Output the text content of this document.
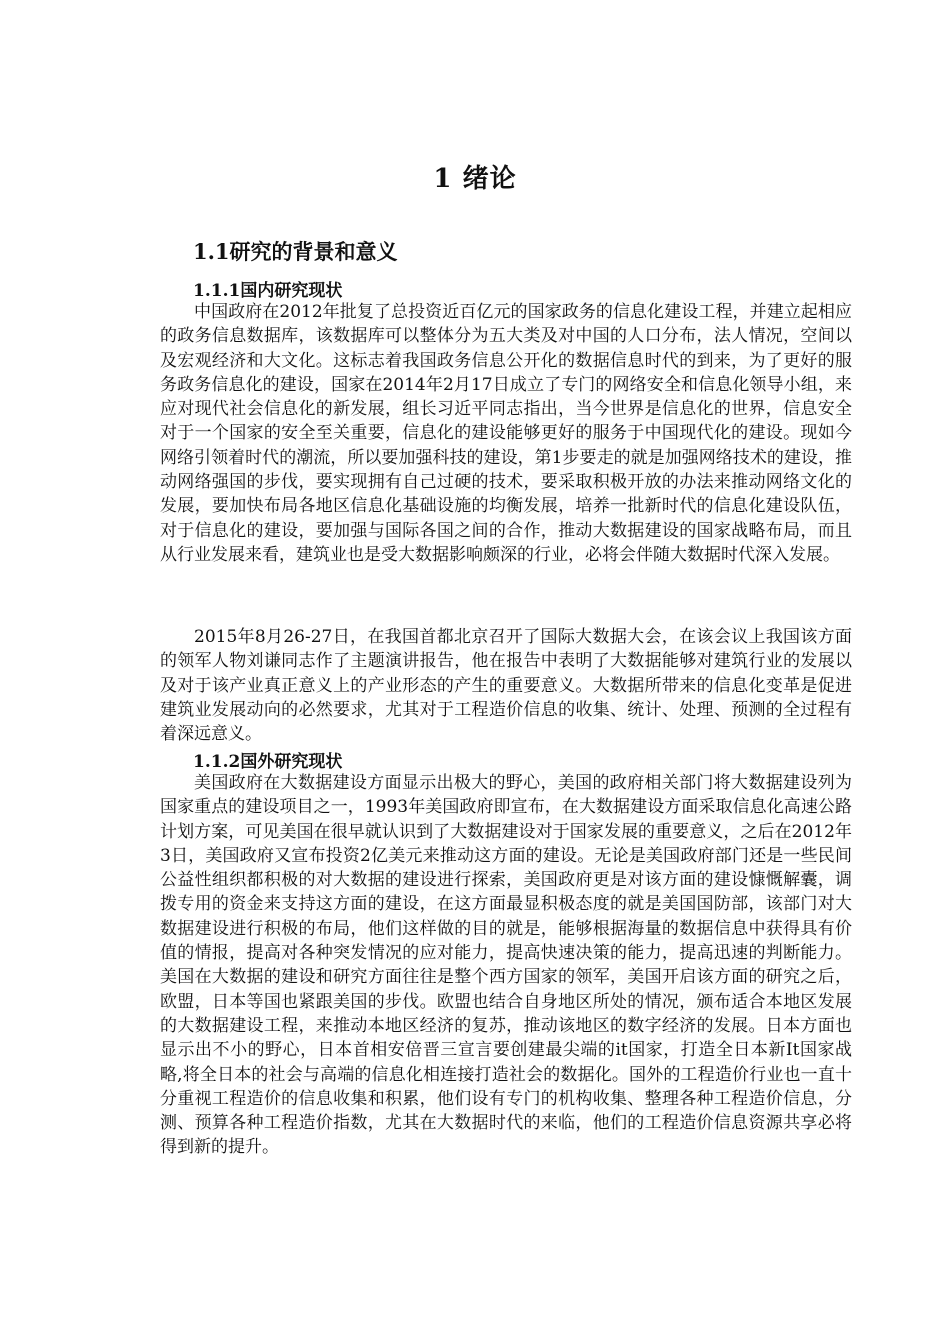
1 绪论
1.1研究的背景和意义
1.1.1国内研究现状

中国政府在2012年批复了总投资近百亿元的国家政务的信息化建设工程，并建立起相应的政务信息数据库，该数据库可以整体分为五大类及对中国的人口分布，法人情况，空间以及宏观经济和大文化。这标志着我国政务信息公开化的数据信息时代的到来，为了更好的服务政务信息化的建设，国家在2014年2月17日成立了专门的网络安全和信息化领导小组，来应对现代社会信息化的新发展，组长习近平同志指出，当今世界是信息化的世界，信息安全对于一个国家的安全至关重要，信息化的建设能够更好的服务于中国现代化的建设。现如今网络引领着时代的潮流，所以要加强科技的建设，第1步要走的就是加强网络技术的建设，推动网络强国的步伐，要实现拥有自己过硬的技术，要采取积极开放的办法来推动网络文化的发展，要加快布局各地区信息化基础设施的均衡发展，培养一批新时代的信息化建设队伍，对于信息化的建设，要加强与国际各国之间的合作，推动大数据建设的国家战略布局，而且从行业发展来看，建筑业也是受大数据影响颇深的行业，必将会伴随大数据时代深入发展。

2015年8月26-27日，在我国首都北京召开了国际大数据大会，在该会议上我国该方面的领军人物刘谦同志作了主题演讲报告，他在报告中表明了大数据能够对建筑行业的发展以及对于该产业真正意义上的产业形态的产生的重要意义。大数据所带来的信息化变革是促进建筑业发展动向的必然要求，尤其对于工程造价信息的收集、统计、处理、预测的全过程有着深远意义。

1.1.2国外研究现状

美国政府在大数据建设方面显示出极大的野心，美国的政府相关部门将大数据建设列为国家重点的建设项目之一，1993年美国政府即宣布，在大数据建设方面采取信息化高速公路计划方案，可见美国在很早就认识到了大数据建设对于国家发展的重要意义，之后在2012年3日，美国政府又宣布投资2亿美元来推动这方面的建设。无论是美国政府部门还是一些民间公益性组织都积极的对大数据的建设进行探索，美国政府更是对该方面的建设慷慨解囊，调拨专用的资金来支持这方面的建设，在这方面最显积极态度的就是美国国防部，该部门对大数据建设进行积极的布局，他们这样做的目的就是，能够根据海量的数据信息中获得具有价值的情报，提高对各种突发情况的应对能力，提高快速决策的能力，提高迅速的判断能力。美国在大数据的建设和研究方面往往是整个西方国家的领军，美国开启该方面的研究之后，欧盟，日本等国也紧跟美国的步伐。欧盟也结合自身地区所处的情况，颁布适合本地区发展的大数据建设工程，来推动本地区经济的复苏，推动该地区的数字经济的发展。日本方面也显示出不小的野心，日本首相安倍晋三宣言要创建最尖端的it国家，打造全日本新It国家战略,将全日本的社会与高端的信息化相连接打造社会的数据化。国外的工程造价行业也一直十分重视工程造价的信息收集和积累，他们设有专门的机构收集、整理各种工程造价信息，分测、预算各种工程造价指数，尤其在大数据时代的来临，他们的工程造价信息资源共享必将得到新的提升。
